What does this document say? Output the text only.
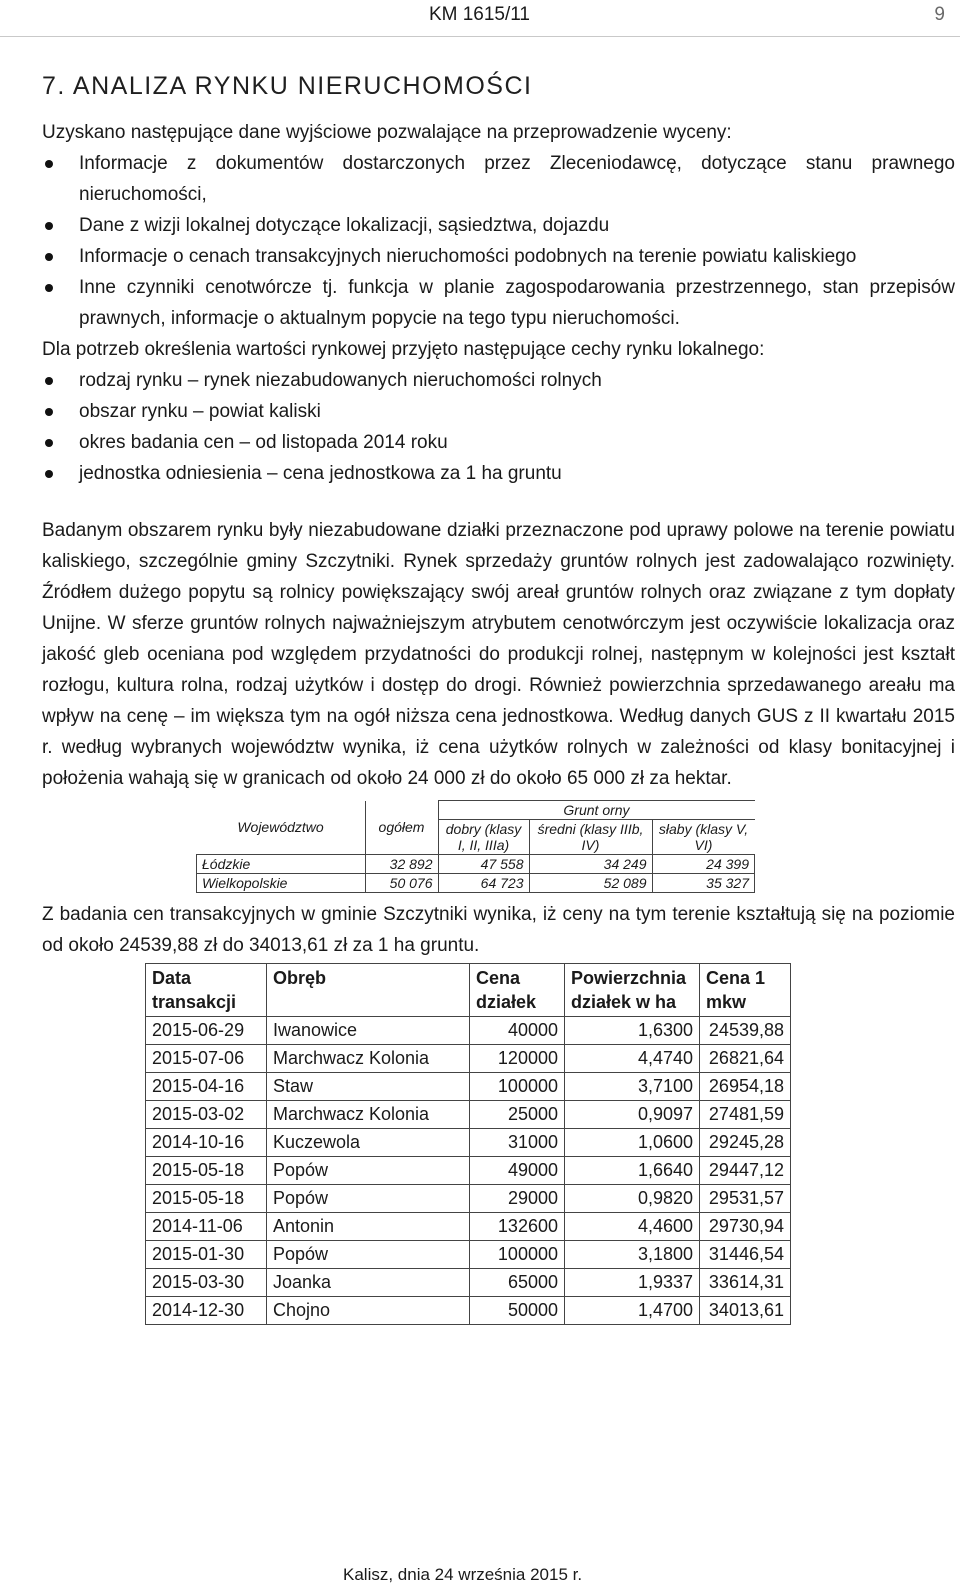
KM 1615/11	9
7. ANALIZA RYNKU NIERUCHOMOŚCI

Uzyskano następujące dane wyjściowe pozwalające na przeprowadzenie wyceny:

Informacje z dokumentów dostarczonych przez Zleceniodawcę, dotyczące stanu prawnego nieruchomości,
Dane z wizji lokalnej dotyczące lokalizacji, sąsiedztwa, dojazdu
Informacje o cenach transakcyjnych nieruchomości podobnych na terenie powiatu kaliskiego
Inne czynniki cenotwórcze tj. funkcja w planie zagospodarowania przestrzennego, stan przepisów prawnych, informacje o aktualnym popycie na tego typu nieruchomości.

Dla potrzeb określenia wartości rynkowej przyjęto następujące cechy rynku lokalnego:

rodzaj rynku – rynek niezabudowanych nieruchomości rolnych
obszar rynku – powiat kaliski
okres badania cen – od listopada 2014 roku
jednostka odniesienia – cena jednostkowa za 1 ha gruntu

Badanym obszarem rynku były niezabudowane działki przeznaczone pod uprawy polowe na terenie powiatu kaliskiego, szczególnie gminy Szczytniki. Rynek sprzedaży gruntów rolnych jest zadowalająco rozwinięty. Źródłem dużego popytu są rolnicy powiększający swój areał gruntów rolnych oraz związane z tym dopłaty Unijne. W sferze gruntów rolnych najważniejszym atrybutem cenotwórczym jest oczywiście lokalizacja oraz jakość gleb oceniana pod względem przydatności do produkcji rolnej, następnym w kolejności jest kształt rozłogu, kultura rolna, rodzaj użytków i dostęp do drogi. Również powierzchnia sprzedawanego areału ma wpływ na cenę – im większa tym na ogół niższa cena jednostkowa. Według danych GUS z II kwartału 2015 r. według wybranych województw wynika, iż cena użytków rolnych w zależności od klasy bonitacyjnej i położenia wahają się w granicach od około 24 000 zł do około 65 000 zł za hektar.

Województwo	ogółem	Grunt orny		
		dobry (klasy I, II, IIIa)	średni (klasy IIIb, IV)	słaby (klasy V, VI)
Łódzkie	32 892	47 558	34 249	24 399
Wielkopolskie	50 076	64 723	52 089	35 327

Z badania cen transakcyjnych w gminie Szczytniki wynika, iż ceny na tym terenie kształtują się na poziomie od około 24539,88 zł do 34013,61 zł za 1 ha gruntu.

Data transakcji	Obręb	Cena działek	Powierzchnia działek w ha	Cena 1 mkw
2015-06-29	Iwanowice	40000	1,6300	24539,88
2015-07-06	Marchwacz Kolonia	120000	4,4740	26821,64
2015-04-16	Staw	100000	3,7100	26954,18
2015-03-02	Marchwacz Kolonia	25000	0,9097	27481,59
2014-10-16	Kuczewola	31000	1,0600	29245,28
2015-05-18	Popów	49000	1,6640	29447,12
2015-05-18	Popów	29000	0,9820	29531,57
2014-11-06	Antonin	132600	4,4600	29730,94
2015-01-30	Popów	100000	3,1800	31446,54
2015-03-30	Joanka	65000	1,9337	33614,31
2014-12-30	Chojno	50000	1,4700	34013,61
Kalisz, dnia 24 września 2015 r.
